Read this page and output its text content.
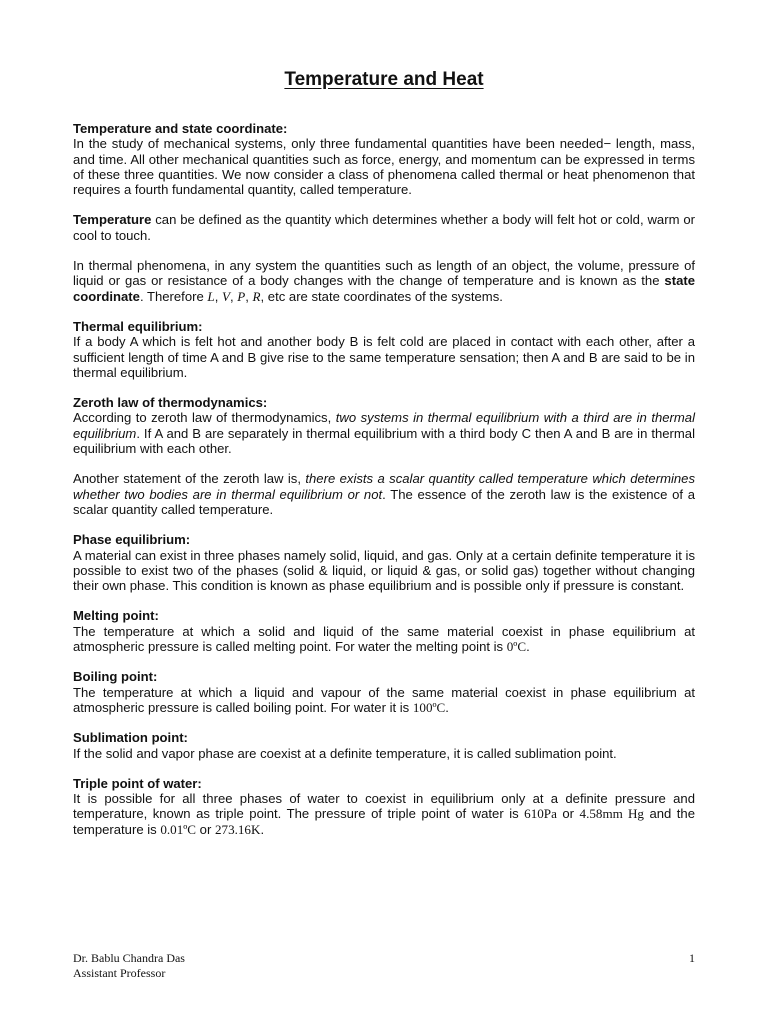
Temperature and Heat

Temperature and state coordinate:
In the study of mechanical systems, only three fundamental quantities have been needed− length, mass, and time. All other mechanical quantities such as force, energy, and momentum can be expressed in terms of these three quantities. We now consider a class of phenomena called thermal or heat phenomenon that requires a fourth fundamental quantity, called temperature.

Temperature can be defined as the quantity which determines whether a body will felt hot or cold, warm or cool to touch.

In thermal phenomena, in any system the quantities such as length of an object, the volume, pressure of liquid or gas or resistance of a body changes with the change of temperature and is known as the state coordinate. Therefore L, V, P, R, etc are state coordinates of the systems.

Thermal equilibrium:
If a body A which is felt hot and another body B is felt cold are placed in contact with each other, after a sufficient length of time A and B give rise to the same temperature sensation; then A and B are said to be in thermal equilibrium.

Zeroth law of thermodynamics:
According to zeroth law of thermodynamics, two systems in thermal equilibrium with a third are in thermal equilibrium. If A and B are separately in thermal equilibrium with a third body C then A and B are in thermal equilibrium with each other.

Another statement of the zeroth law is, there exists a scalar quantity called temperature which determines whether two bodies are in thermal equilibrium or not. The essence of the zeroth law is the existence of a scalar quantity called temperature.

Phase equilibrium:
A material can exist in three phases namely solid, liquid, and gas. Only at a certain definite temperature it is possible to exist two of the phases (solid & liquid, or liquid & gas, or solid gas) together without changing their own phase. This condition is known as phase equilibrium and is possible only if pressure is constant.

Melting point:
The temperature at which a solid and liquid of the same material coexist in phase equilibrium at atmospheric pressure is called melting point. For water the melting point is 0ºC.

Boiling point:
The temperature at which a liquid and vapour of the same material coexist in phase equilibrium at atmospheric pressure is called boiling point. For water it is 100ºC.

Sublimation point:
If the solid and vapor phase are coexist at a definite temperature, it is called sublimation point.

Triple point of water:
It is possible for all three phases of water to coexist in equilibrium only at a definite pressure and temperature, known as triple point. The pressure of triple point of water is 610Pa or 4.58mm Hg and the temperature is 0.01ºC or 273.16K.

Dr. Bablu Chandra Das
Assistant Professor
1
